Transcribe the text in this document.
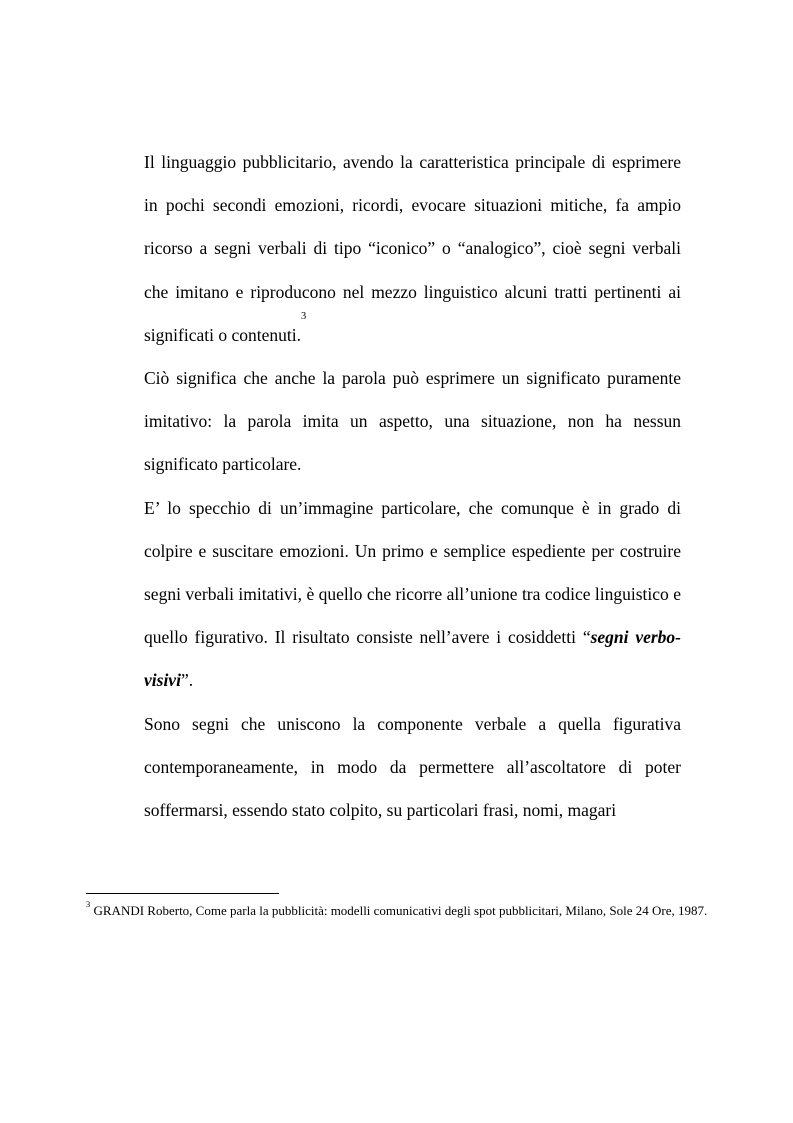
Il linguaggio pubblicitario, avendo la caratteristica principale di esprimere in pochi secondi emozioni, ricordi, evocare situazioni mitiche, fa ampio ricorso a segni verbali di tipo “iconico” o “analogico”, cioè segni verbali che imitano e riproducono nel mezzo linguistico alcuni tratti pertinenti ai significati o contenuti.$^3$

Ciò significa che anche la parola può esprimere un significato puramente imitativo: la parola imita un aspetto, una situazione, non ha nessun significato particolare.

E’ lo specchio di un’immagine particolare, che comunque è in grado di colpire e suscitare emozioni. Un primo e semplice espediente per costruire segni verbali imitativi, è quello che ricorre all’unione tra codice linguistico e quello figurativo. Il risultato consiste nell’avere i cosiddetti “segni verbo-visivi”.

Sono segni che uniscono la componente verbale a quella figurativa contemporaneamente, in modo da permettere all’ascoltatore di poter soffermarsi, essendo stato colpito, su particolari frasi, nomi, magari

$^3$ GRANDI Roberto, Come parla la pubblicità: modelli comunicativi degli spot pubblicitari, Milano, Sole 24 Ore, 1987.
